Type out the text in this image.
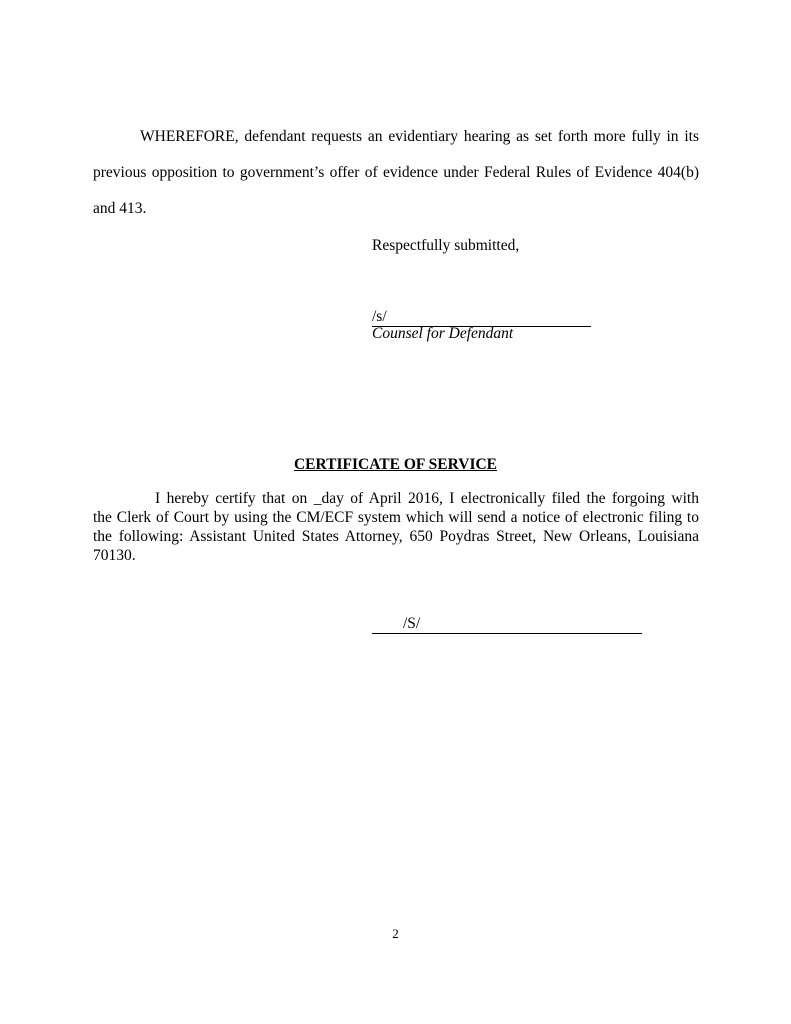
WHEREFORE, defendant requests an evidentiary hearing as set forth more fully in its
previous opposition to government’s offer of evidence under Federal Rules of Evidence 404(b)
and 413.
Respectfully submitted,
/s/
Counsel for Defendant
CERTIFICATE OF SERVICE
I hereby certify that on _day of April 2016, I electronically filed the forgoing with
the Clerk of Court by using the CM/ECF system which will send a notice of electronic filing to
the following: Assistant United States Attorney, 650 Poydras Street, New Orleans, Louisiana
70130.
/S/
2
